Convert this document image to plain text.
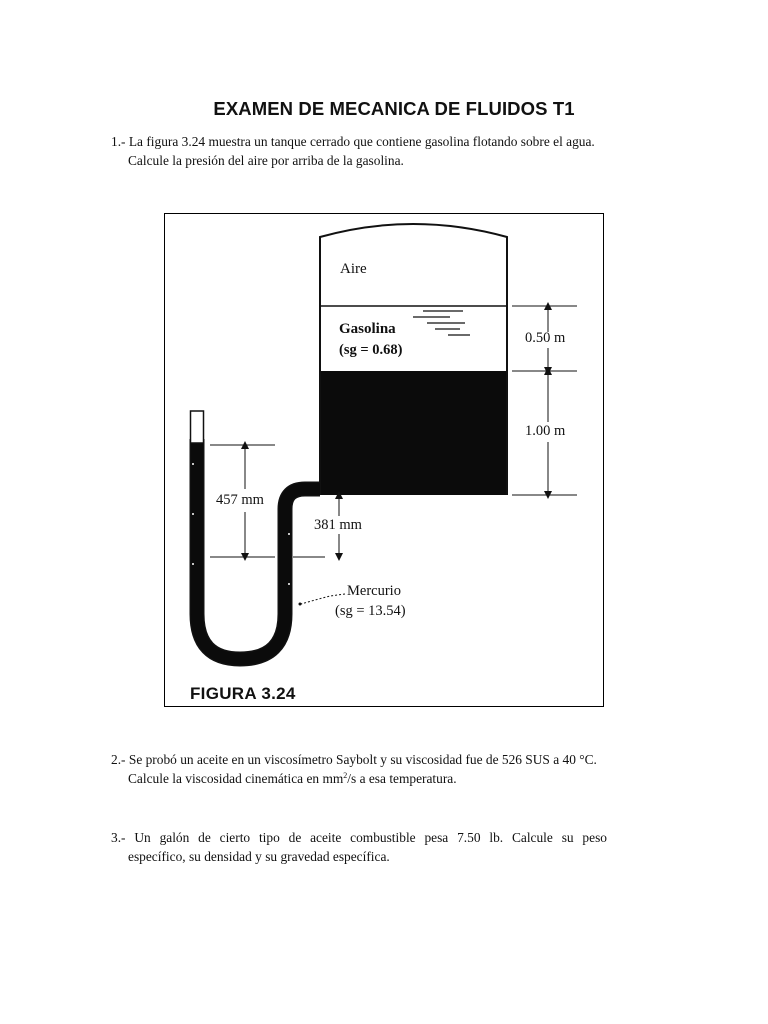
EXAMEN DE MECANICA DE FLUIDOS T1
1.- La figura 3.24 muestra un tanque cerrado que contiene gasolina flotando sobre el agua.
Calcule la presión del aire por arriba de la gasolina.
Aire
Gasolina
(sg = 0.68)
0.50 m
1.00 m
457 mm
381 mm
Mercurio
(sg = 13.54)
FIGURA 3.24
2.- Se probó un aceite en un viscosímetro Saybolt y su viscosidad fue de 526 SUS a 40 °C.
Calcule la viscosidad cinemática en $mm^2/s$ a esa temperatura.
3.- Un galón de cierto tipo de aceite combustible pesa 7.50 lb. Calcule su peso
específico, su densidad y su gravedad específica.
